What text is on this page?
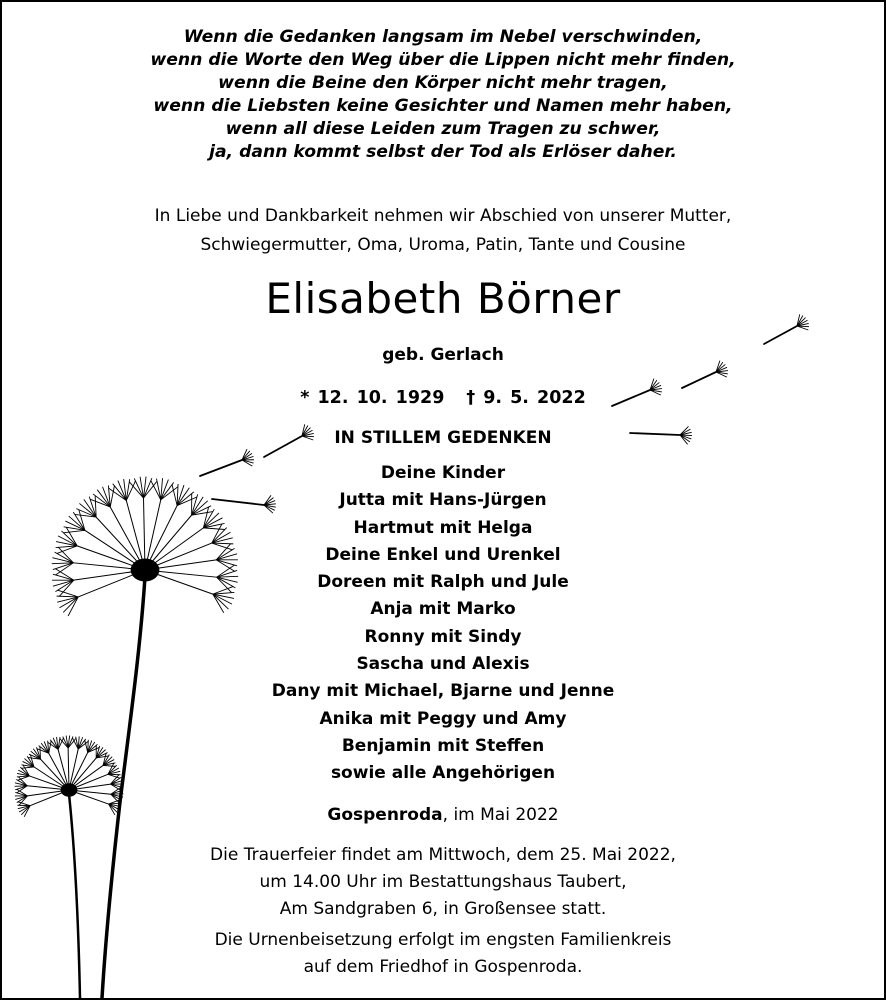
Wenn die Gedanken langsam im Nebel verschwinden,
wenn die Worte den Weg über die Lippen nicht mehr finden,
wenn die Beine den Körper nicht mehr tragen,
wenn die Liebsten keine Gesichter und Namen mehr haben,
wenn all diese Leiden zum Tragen zu schwer,
ja, dann kommt selbst der Tod als Erlöser daher.
In Liebe und Dankbarkeit nehmen wir Abschied von unserer Mutter,
Schwiegermutter, Oma, Uroma, Patin, Tante und Cousine
Elisabeth Börner
geb. Gerlach
* 12. 10. 1929 † 9. 5. 2022
IN STILLEM GEDENKEN
Deine Kinder
Jutta mit Hans-Jürgen
Hartmut mit Helga
Deine Enkel und Urenkel
Doreen mit Ralph und Jule
Anja mit Marko
Ronny mit Sindy
Sascha und Alexis
Dany mit Michael, Bjarne und Jenne
Anika mit Peggy und Amy
Benjamin mit Steffen
sowie alle Angehörigen
Gospenroda, im Mai 2022
Die Trauerfeier findet am Mittwoch, dem 25. Mai 2022,
um 14.00 Uhr im Bestattungshaus Taubert,
Am Sandgraben 6, in Großensee statt.
Die Urnenbeisetzung erfolgt im engsten Familienkreis
auf dem Friedhof in Gospenroda.
